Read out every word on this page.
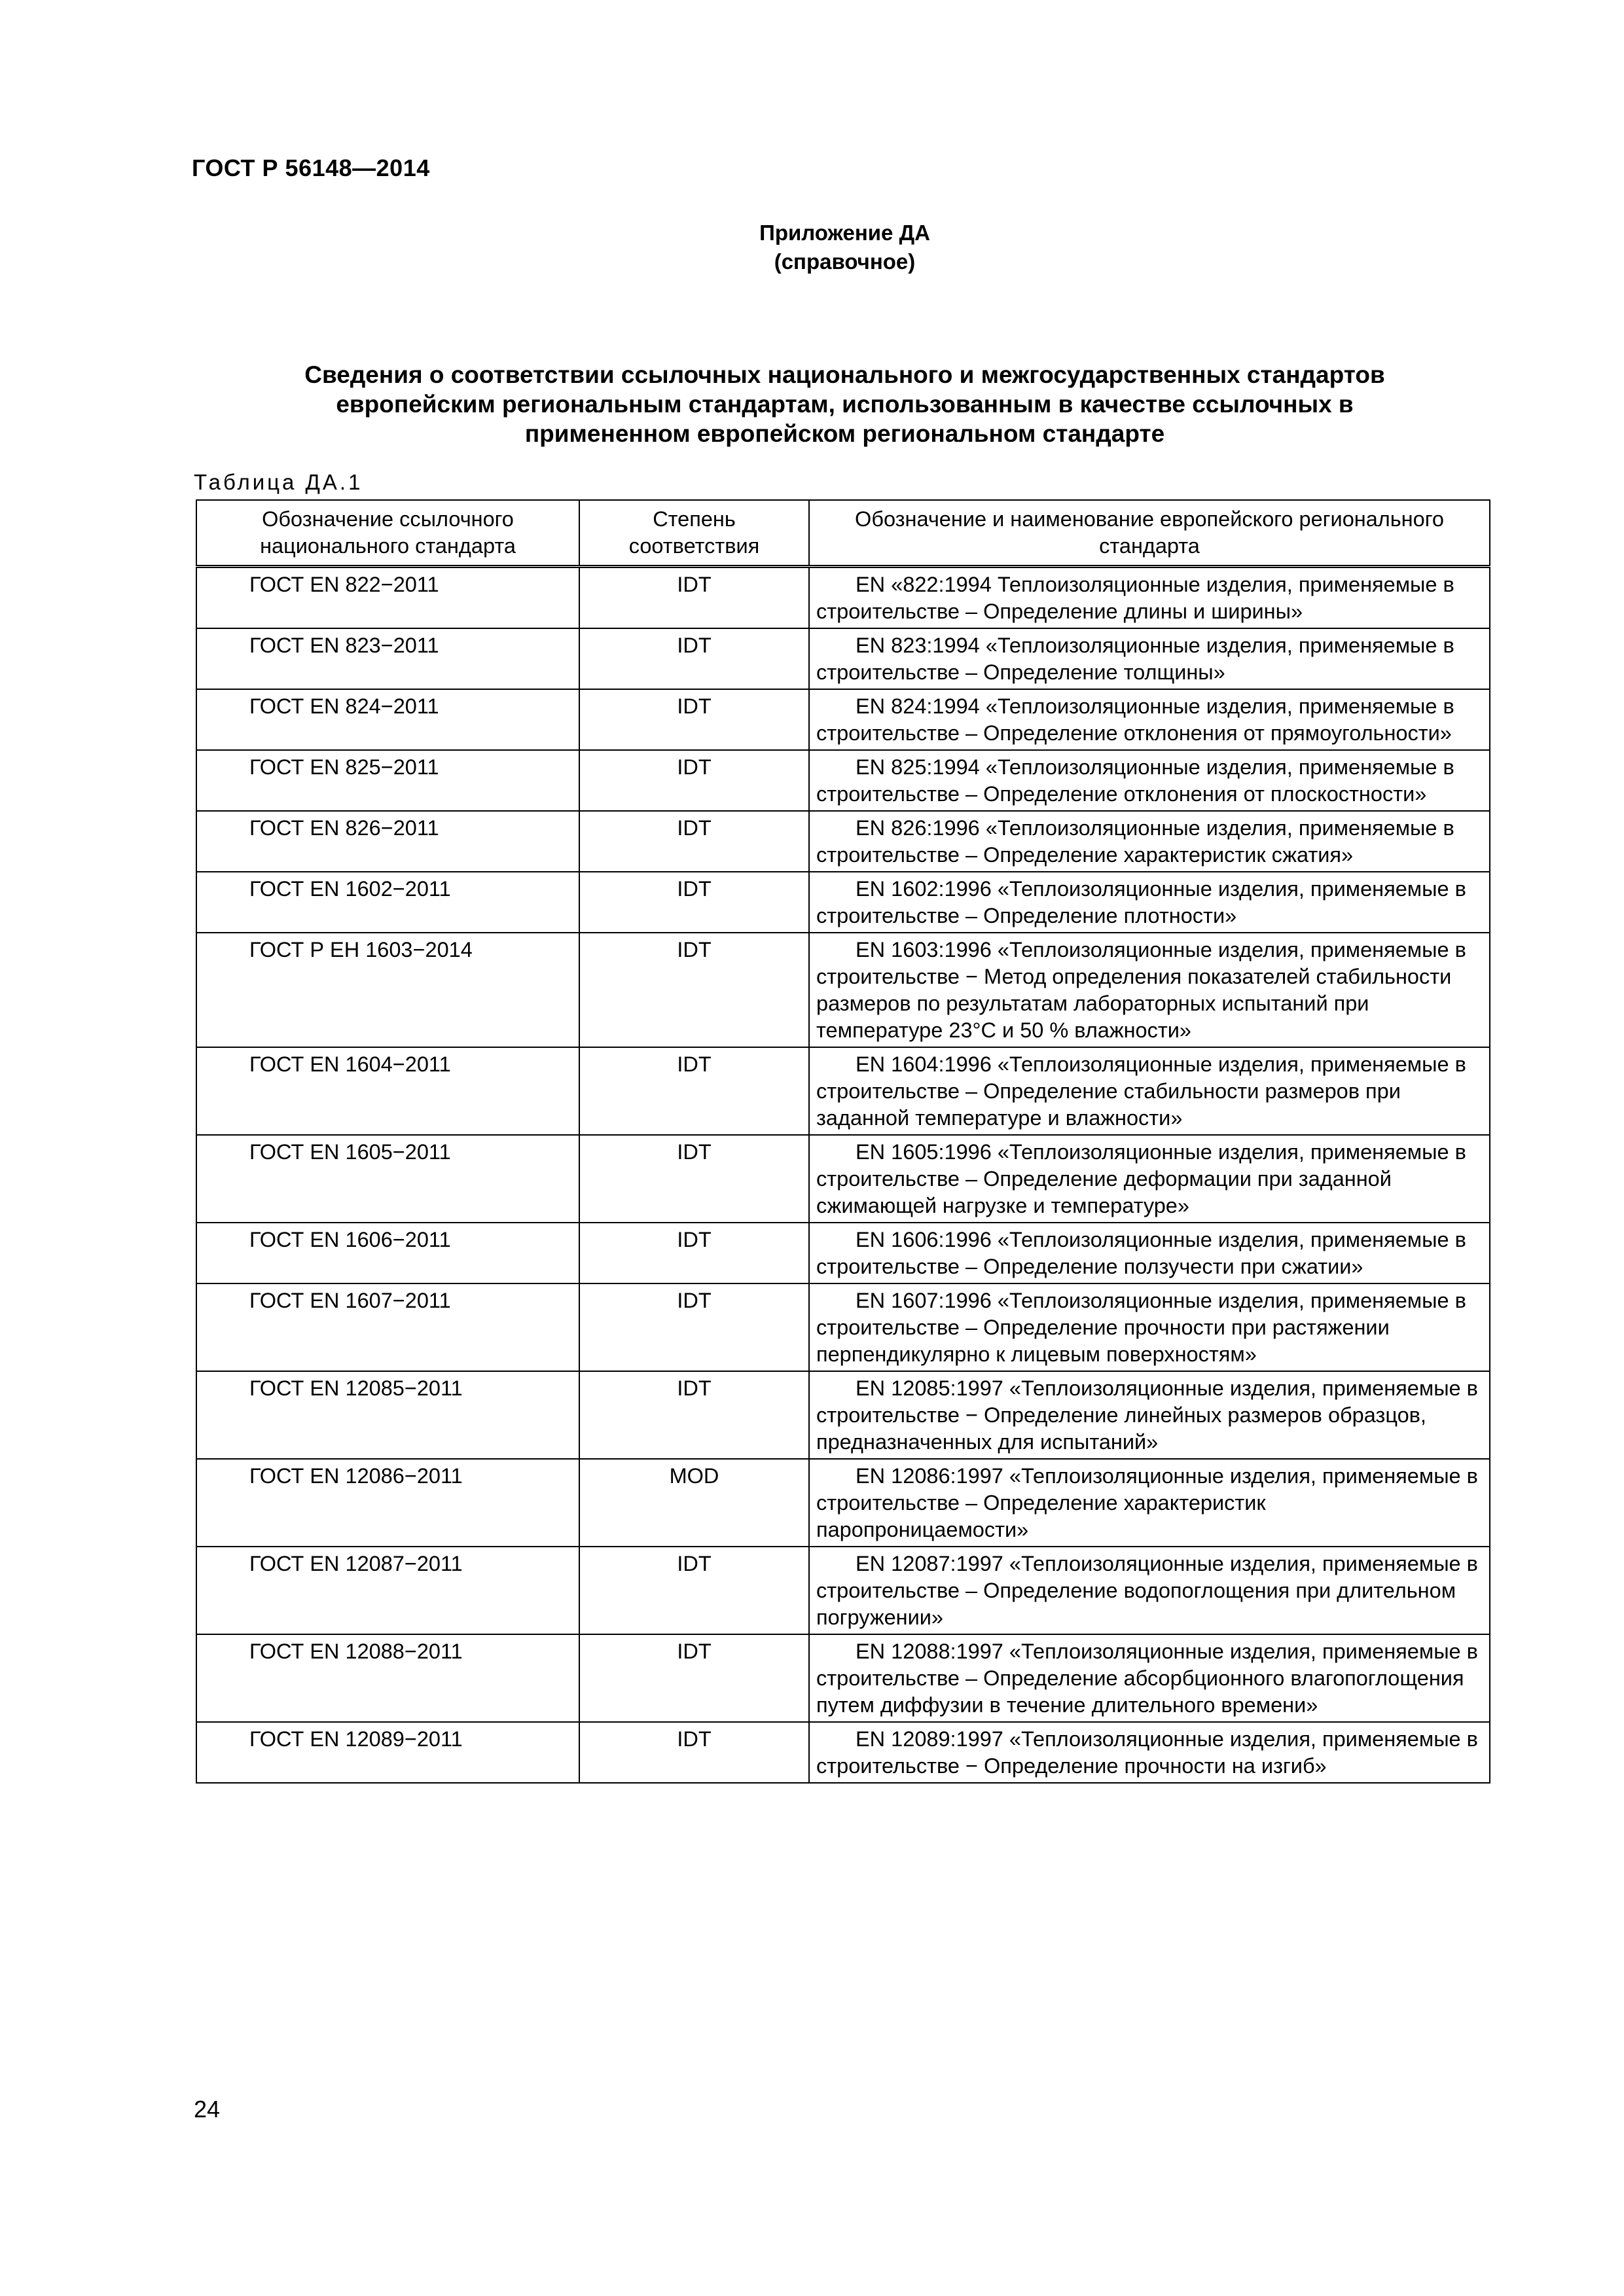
ГОСТ Р 56148—2014
Приложение ДА
(справочное)
Сведения о соответствии ссылочных национального и межгосударственных стандартов
европейским региональным стандартам, использованным в качестве ссылочных в
примененном европейском региональном стандарте
Таблица ДА.1
Обозначение ссылочного национального стандарта	Степень соответствия	Обозначение и наименование европейского регионального стандарта
ГОСТ EN 822−2011	IDT	EN «822:1994 Теплоизоляционные изделия, применяемые в строительстве – Определение длины и ширины»
ГОСТ EN 823−2011	IDT	EN 823:1994 «Теплоизоляционные изделия, применяемые в строительстве – Определение толщины»
ГОСТ EN 824−2011	IDT	EN 824:1994 «Теплоизоляционные изделия, применяемые в строительстве – Определение отклонения от прямоугольности»
ГОСТ EN 825−2011	IDT	EN 825:1994 «Теплоизоляционные изделия, применяемые в строительстве – Определение отклонения от плоскостности»
ГОСТ EN 826−2011	IDT	EN 826:1996 «Теплоизоляционные изделия, применяемые в строительстве – Определение характеристик сжатия»
ГОСТ EN 1602−2011	IDT	EN 1602:1996 «Теплоизоляционные изделия, применяемые в строительстве – Определение плотности»
ГОСТ Р ЕН 1603−2014	IDT	EN 1603:1996 «Теплоизоляционные изделия, применяемые в строительстве − Метод определения показателей стабильности размеров по результатам лабораторных испытаний при температуре 23°С и 50 % влажности»
ГОСТ EN 1604−2011	IDT	EN 1604:1996 «Теплоизоляционные изделия, применяемые в строительстве – Определение стабильности размеров при заданной температуре и влажности»
ГОСТ EN 1605−2011	IDT	EN 1605:1996 «Теплоизоляционные изделия, применяемые в строительстве – Определение деформации при заданной сжимающей нагрузке и температуре»
ГОСТ EN 1606−2011	IDT	EN 1606:1996 «Теплоизоляционные изделия, применяемые в строительстве – Определение ползучести при сжатии»
ГОСТ EN 1607−2011	IDT	EN 1607:1996 «Теплоизоляционные изделия, применяемые в строительстве – Определение прочности при растяжении перпендикулярно к лицевым поверхностям»
ГОСТ EN 12085−2011	IDT	EN 12085:1997 «Теплоизоляционные изделия, применяемые в строительстве − Определение линейных размеров образцов, предназначенных для испытаний»
ГОСТ EN 12086−2011	MOD	EN 12086:1997 «Теплоизоляционные изделия, применяемые в строительстве – Определение характеристик паропроницаемости»
ГОСТ EN 12087−2011	IDT	EN 12087:1997 «Теплоизоляционные изделия, применяемые в строительстве – Определение водопоглощения при длительном погружении»
ГОСТ EN 12088−2011	IDT	EN 12088:1997 «Теплоизоляционные изделия, применяемые в строительстве – Определение абсорбционного влагопоглощения путем диффузии в течение длительного времени»
ГОСТ EN 12089−2011	IDT	EN 12089:1997 «Теплоизоляционные изделия, применяемые в строительстве − Определение прочности на изгиб»
24
